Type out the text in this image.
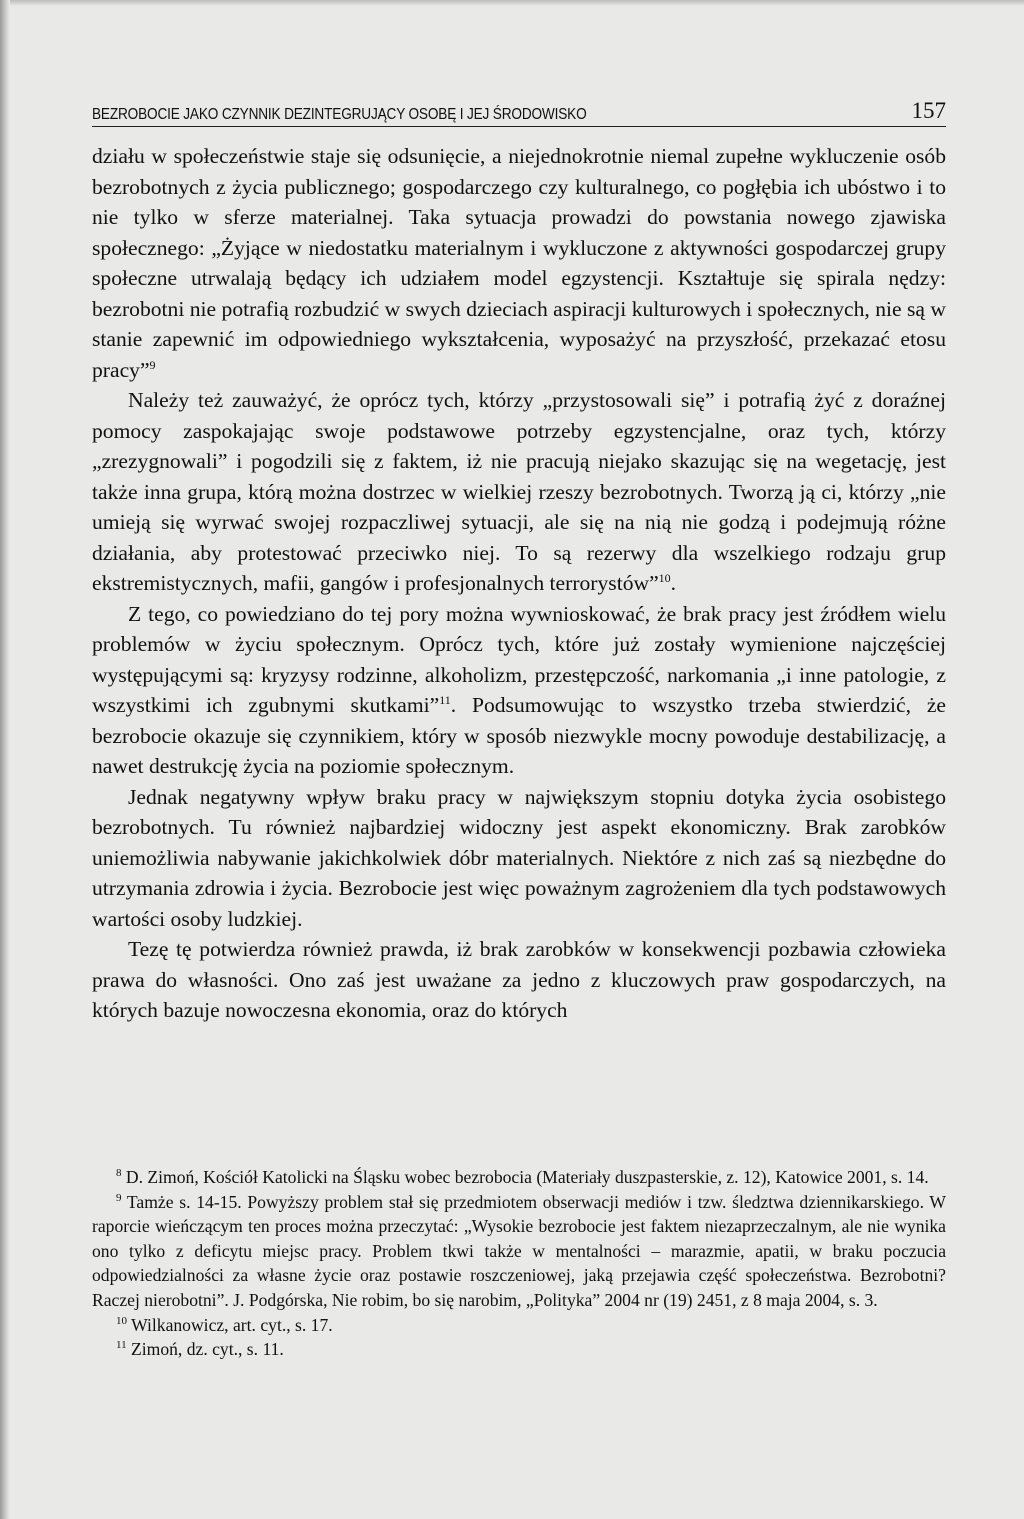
BEZROBOCIE JAKO CZYNNIK DEZINTEGRUJĄCY OSOBĘ I JEJ ŚRODOWISKO	157

działu w społeczeństwie staje się odsunięcie, a niejednokrotnie niemal zupełne wykluczenie osób bezrobotnych z życia publicznego; gospodarczego czy kulturalnego, co pogłębia ich ubóstwo i to nie tylko w sferze materialnej. Taka sytuacja prowadzi do powstania nowego zjawiska społecznego: „Żyjące w niedostatku materialnym i wykluczone z aktywności gospodarczej grupy społeczne utrwalają będący ich udziałem model egzystencji. Kształtuje się spirala nędzy: bezrobotni nie potrafią rozbudzić w swych dzieciach aspiracji kulturowych i społecznych, nie są w stanie zapewnić im odpowiedniego wykształcenia, wyposażyć na przyszłość, przekazać etosu pracy”$^9$

Należy też zauważyć, że oprócz tych, którzy „przystosowali się” i potrafią żyć z doraźnej pomocy zaspokajając swoje podstawowe potrzeby egzystencjalne, oraz tych, którzy „zrezygnowali” i pogodzili się z faktem, iż nie pracują niejako skazując się na wegetację, jest także inna grupa, którą można dostrzec w wielkiej rzeszy bezrobotnych. Tworzą ją ci, którzy „nie umieją się wyrwać swojej rozpaczliwej sytuacji, ale się na nią nie godzą i podejmują różne działania, aby protestować przeciwko niej. To są rezerwy dla wszelkiego rodzaju grup ekstremistycznych, mafii, gangów i profesjonalnych terrorystów”$^{10}$.

Z tego, co powiedziano do tej pory można wywnioskować, że brak pracy jest źródłem wielu problemów w życiu społecznym. Oprócz tych, które już zostały wymienione najczęściej występującymi są: kryzysy rodzinne, alkoholizm, przestępczość, narkomania „i inne patologie, z wszystkimi ich zgubnymi skutkami”$^{11}$. Podsumowując to wszystko trzeba stwierdzić, że bezrobocie okazuje się czynnikiem, który w sposób niezwykle mocny powoduje destabilizację, a nawet destrukcję życia na poziomie społecznym.

Jednak negatywny wpływ braku pracy w największym stopniu dotyka życia osobistego bezrobotnych. Tu również najbardziej widoczny jest aspekt ekonomiczny. Brak zarobków uniemożliwia nabywanie jakichkolwiek dóbr materialnych. Niektóre z nich zaś są niezbędne do utrzymania zdrowia i życia. Bezrobocie jest więc poważnym zagrożeniem dla tych podstawowych wartości osoby ludzkiej.

Tezę tę potwierdza również prawda, iż brak zarobków w konsekwencji pozbawia człowieka prawa do własności. Ono zaś jest uważane za jedno z kluczowych praw gospodarczych, na których bazuje nowoczesna ekonomia, oraz do których

$^8$ D. Zimoń, Kościół Katolicki na Śląsku wobec bezrobocia (Materiały duszpasterskie, z. 12), Katowice 2001, s. 14.

$^9$ Tamże s. 14-15. Powyższy problem stał się przedmiotem obserwacji mediów i tzw. śledztwa dziennikarskiego. W raporcie wieńczącym ten proces można przeczytać: „Wysokie bezrobocie jest faktem niezaprzeczalnym, ale nie wynika ono tylko z deficytu miejsc pracy. Problem tkwi także w mentalności – marazmie, apatii, w braku poczucia odpowiedzialności za własne życie oraz postawie roszczeniowej, jaką przejawia część społeczeństwa. Bezrobotni? Raczej nierobotni”. J. Podgórska, Nie robim, bo się narobim, „Polityka” 2004 nr (19) 2451, z 8 maja 2004, s. 3.

$^{10}$ Wilkanowicz, art. cyt., s. 17.

$^{11}$ Zimoń, dz. cyt., s. 11.
